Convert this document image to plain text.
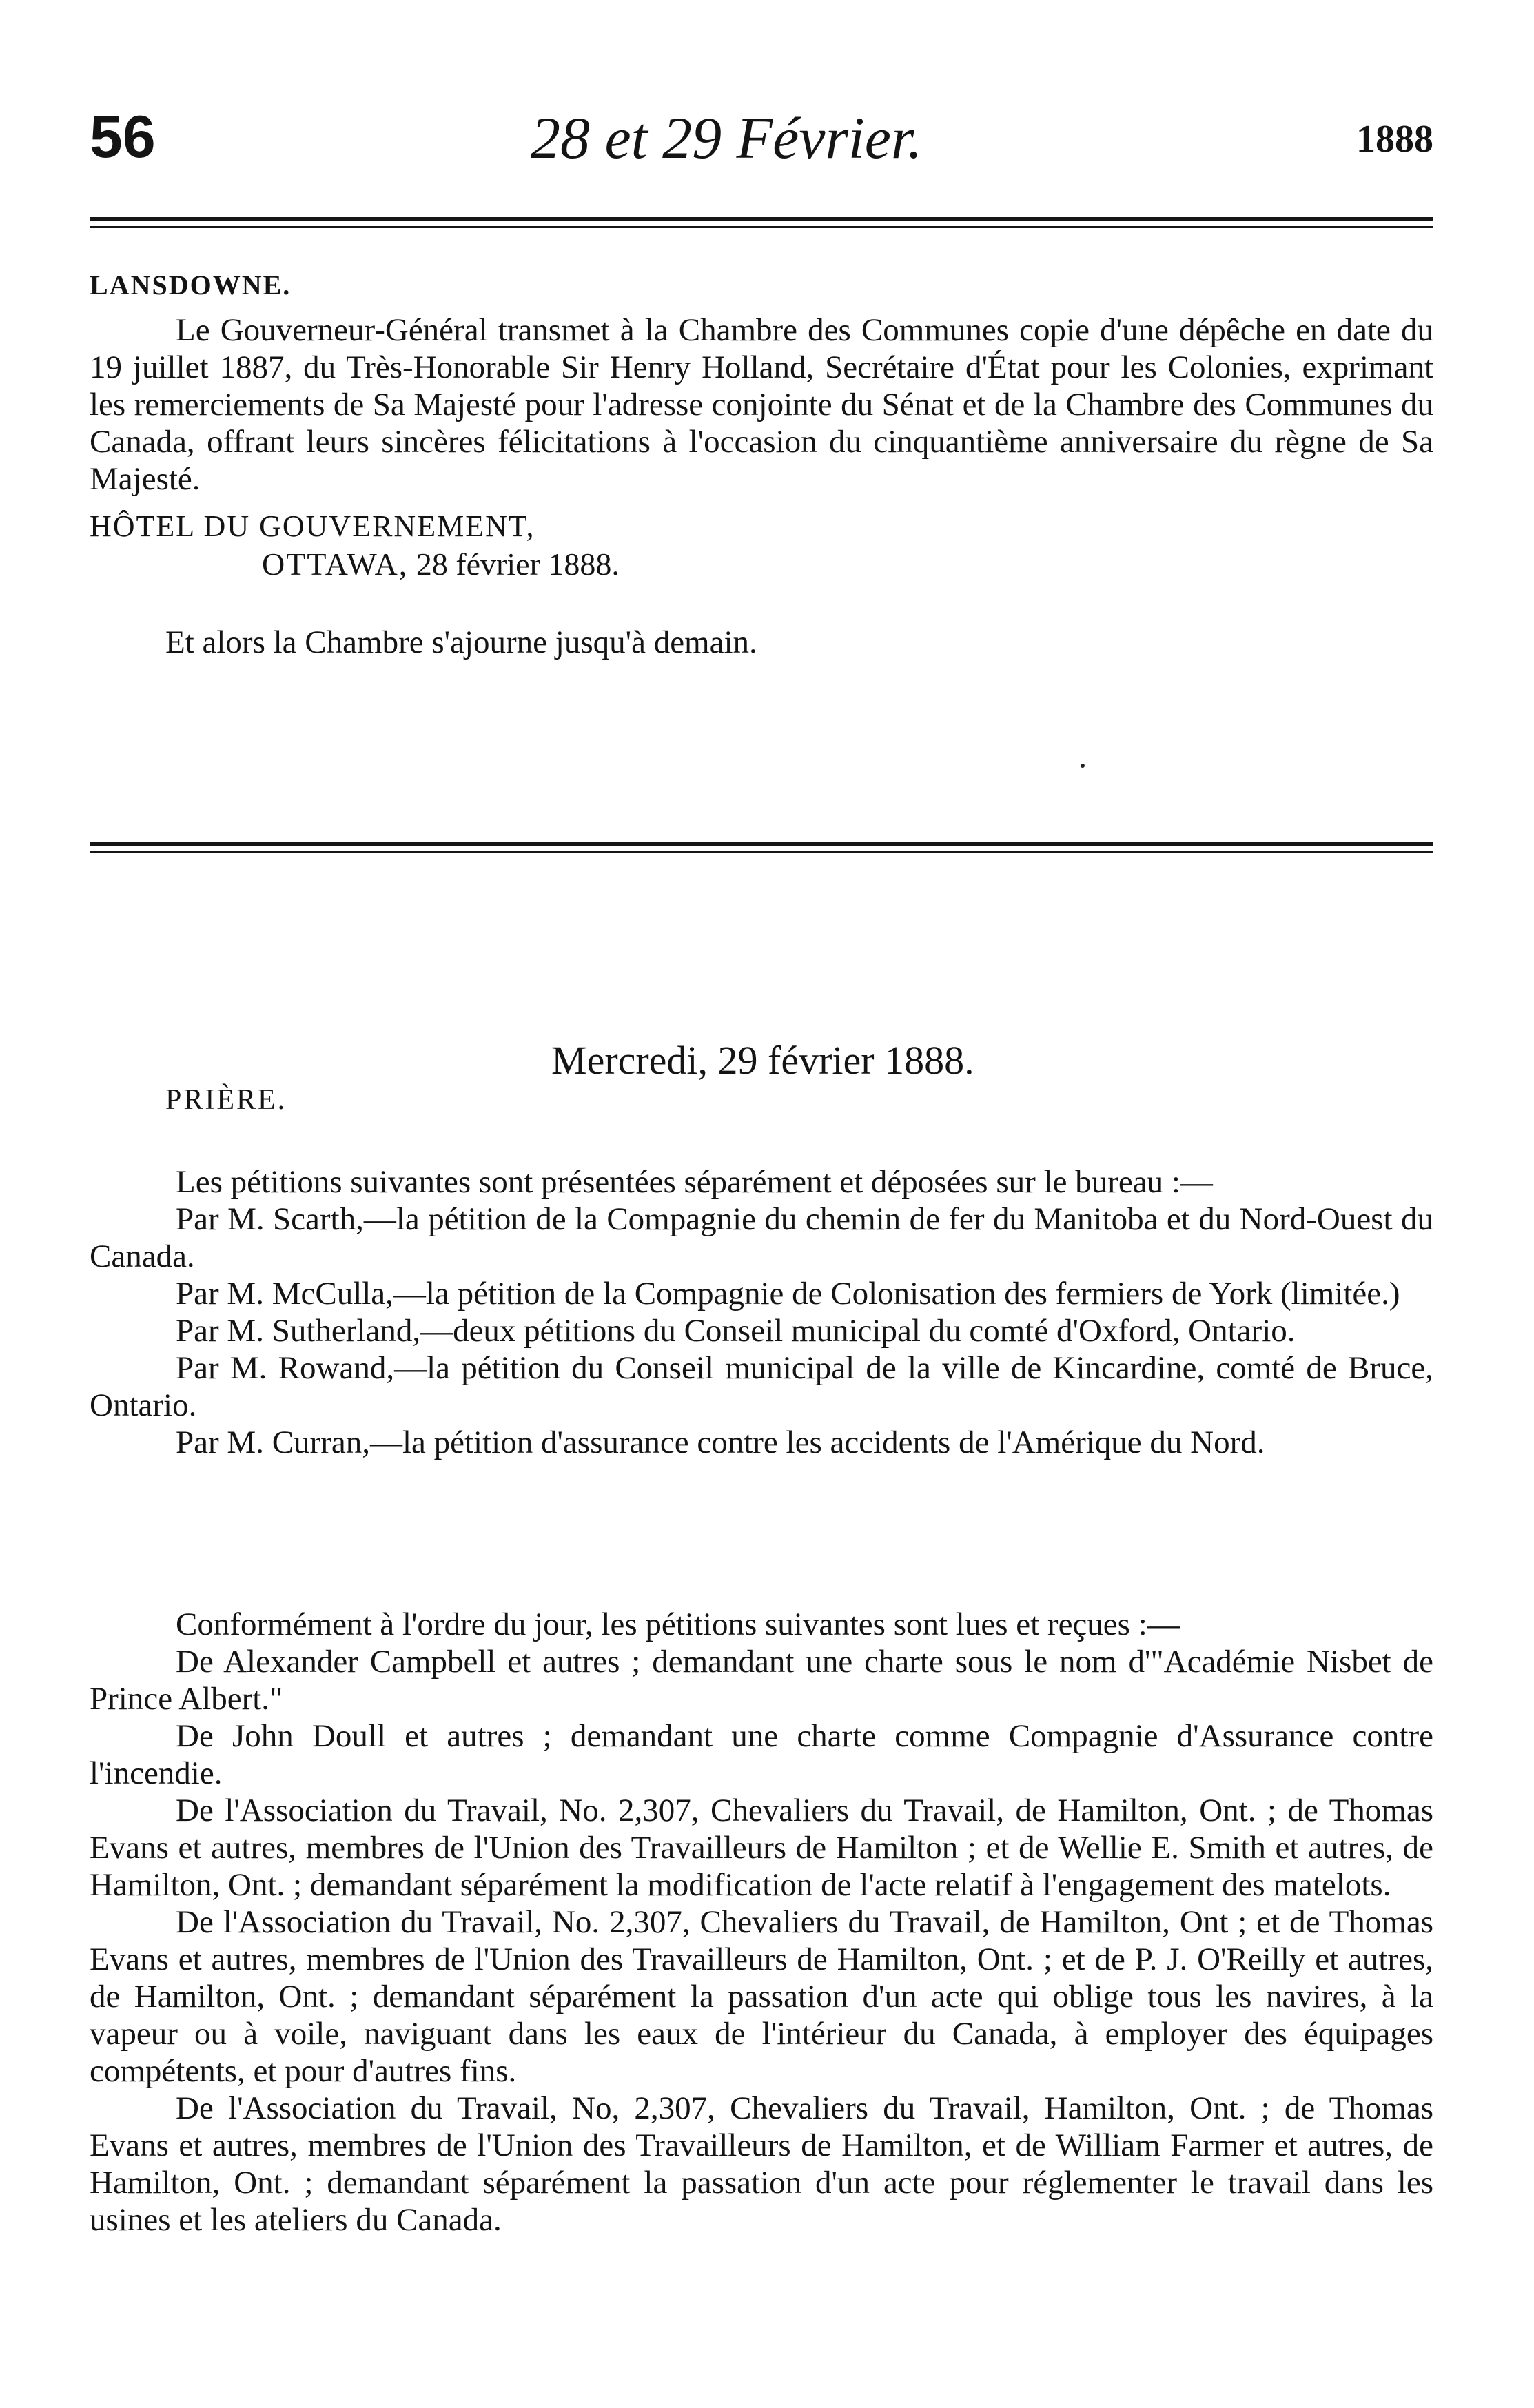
56	28 et 29 Février.	1888
LANSDOWNE.

Le Gouverneur-Général transmet à la Chambre des Communes copie d'une dépêche en date du 19 juillet 1887, du Très-Honorable Sir Henry Holland, Secrétaire d'État pour les Colonies, exprimant les remerciements de Sa Majesté pour l'adresse conjointe du Sénat et de la Chambre des Communes du Canada, offrant leurs sincères félicitations à l'occasion du cinquantième anniversaire du règne de Sa Majesté.

HÔTEL DU GOUVERNEMENT,
OTTAWA, 28 février 1888.
Et alors la Chambre s'ajourne jusqu'à demain.
Mercredi, 29 février 1888.
PRIÈRE.

Les pétitions suivantes sont présentées séparément et déposées sur le bureau :—

Par M. Scarth,—la pétition de la Compagnie du chemin de fer du Manitoba et du Nord-Ouest du Canada.

Par M. McCulla,—la pétition de la Compagnie de Colonisation des fermiers de York (limitée.)

Par M. Sutherland,—deux pétitions du Conseil municipal du comté d'Oxford, Ontario.

Par M. Rowand,—la pétition du Conseil municipal de la ville de Kincardine, comté de Bruce, Ontario.

Par M. Curran,—la pétition d'assurance contre les accidents de l'Amérique du Nord.

Conformément à l'ordre du jour, les pétitions suivantes sont lues et reçues :—

De Alexander Campbell et autres ; demandant une charte sous le nom d'"Académie Nisbet de Prince Albert."

De John Doull et autres ; demandant une charte comme Compagnie d'Assurance contre l'incendie.

De l'Association du Travail, No. 2,307, Chevaliers du Travail, de Hamilton, Ont. ; de Thomas Evans et autres, membres de l'Union des Travailleurs de Hamilton ; et de Wellie E. Smith et autres, de Hamilton, Ont. ; demandant séparément la modification de l'acte relatif à l'engagement des matelots.

De l'Association du Travail, No. 2,307, Chevaliers du Travail, de Hamilton, Ont ; et de Thomas Evans et autres, membres de l'Union des Travailleurs de Hamilton, Ont. ; et de P. J. O'Reilly et autres, de Hamilton, Ont. ; demandant séparément la passation d'un acte qui oblige tous les navires, à la vapeur ou à voile, naviguant dans les eaux de l'intérieur du Canada, à employer des équipages compétents, et pour d'autres fins.

De l'Association du Travail, No, 2,307, Chevaliers du Travail, Hamilton, Ont. ; de Thomas Evans et autres, membres de l'Union des Travailleurs de Hamilton, et de William Farmer et autres, de Hamilton, Ont. ; demandant séparément la passation d'un acte pour réglementer le travail dans les usines et les ateliers du Canada.
